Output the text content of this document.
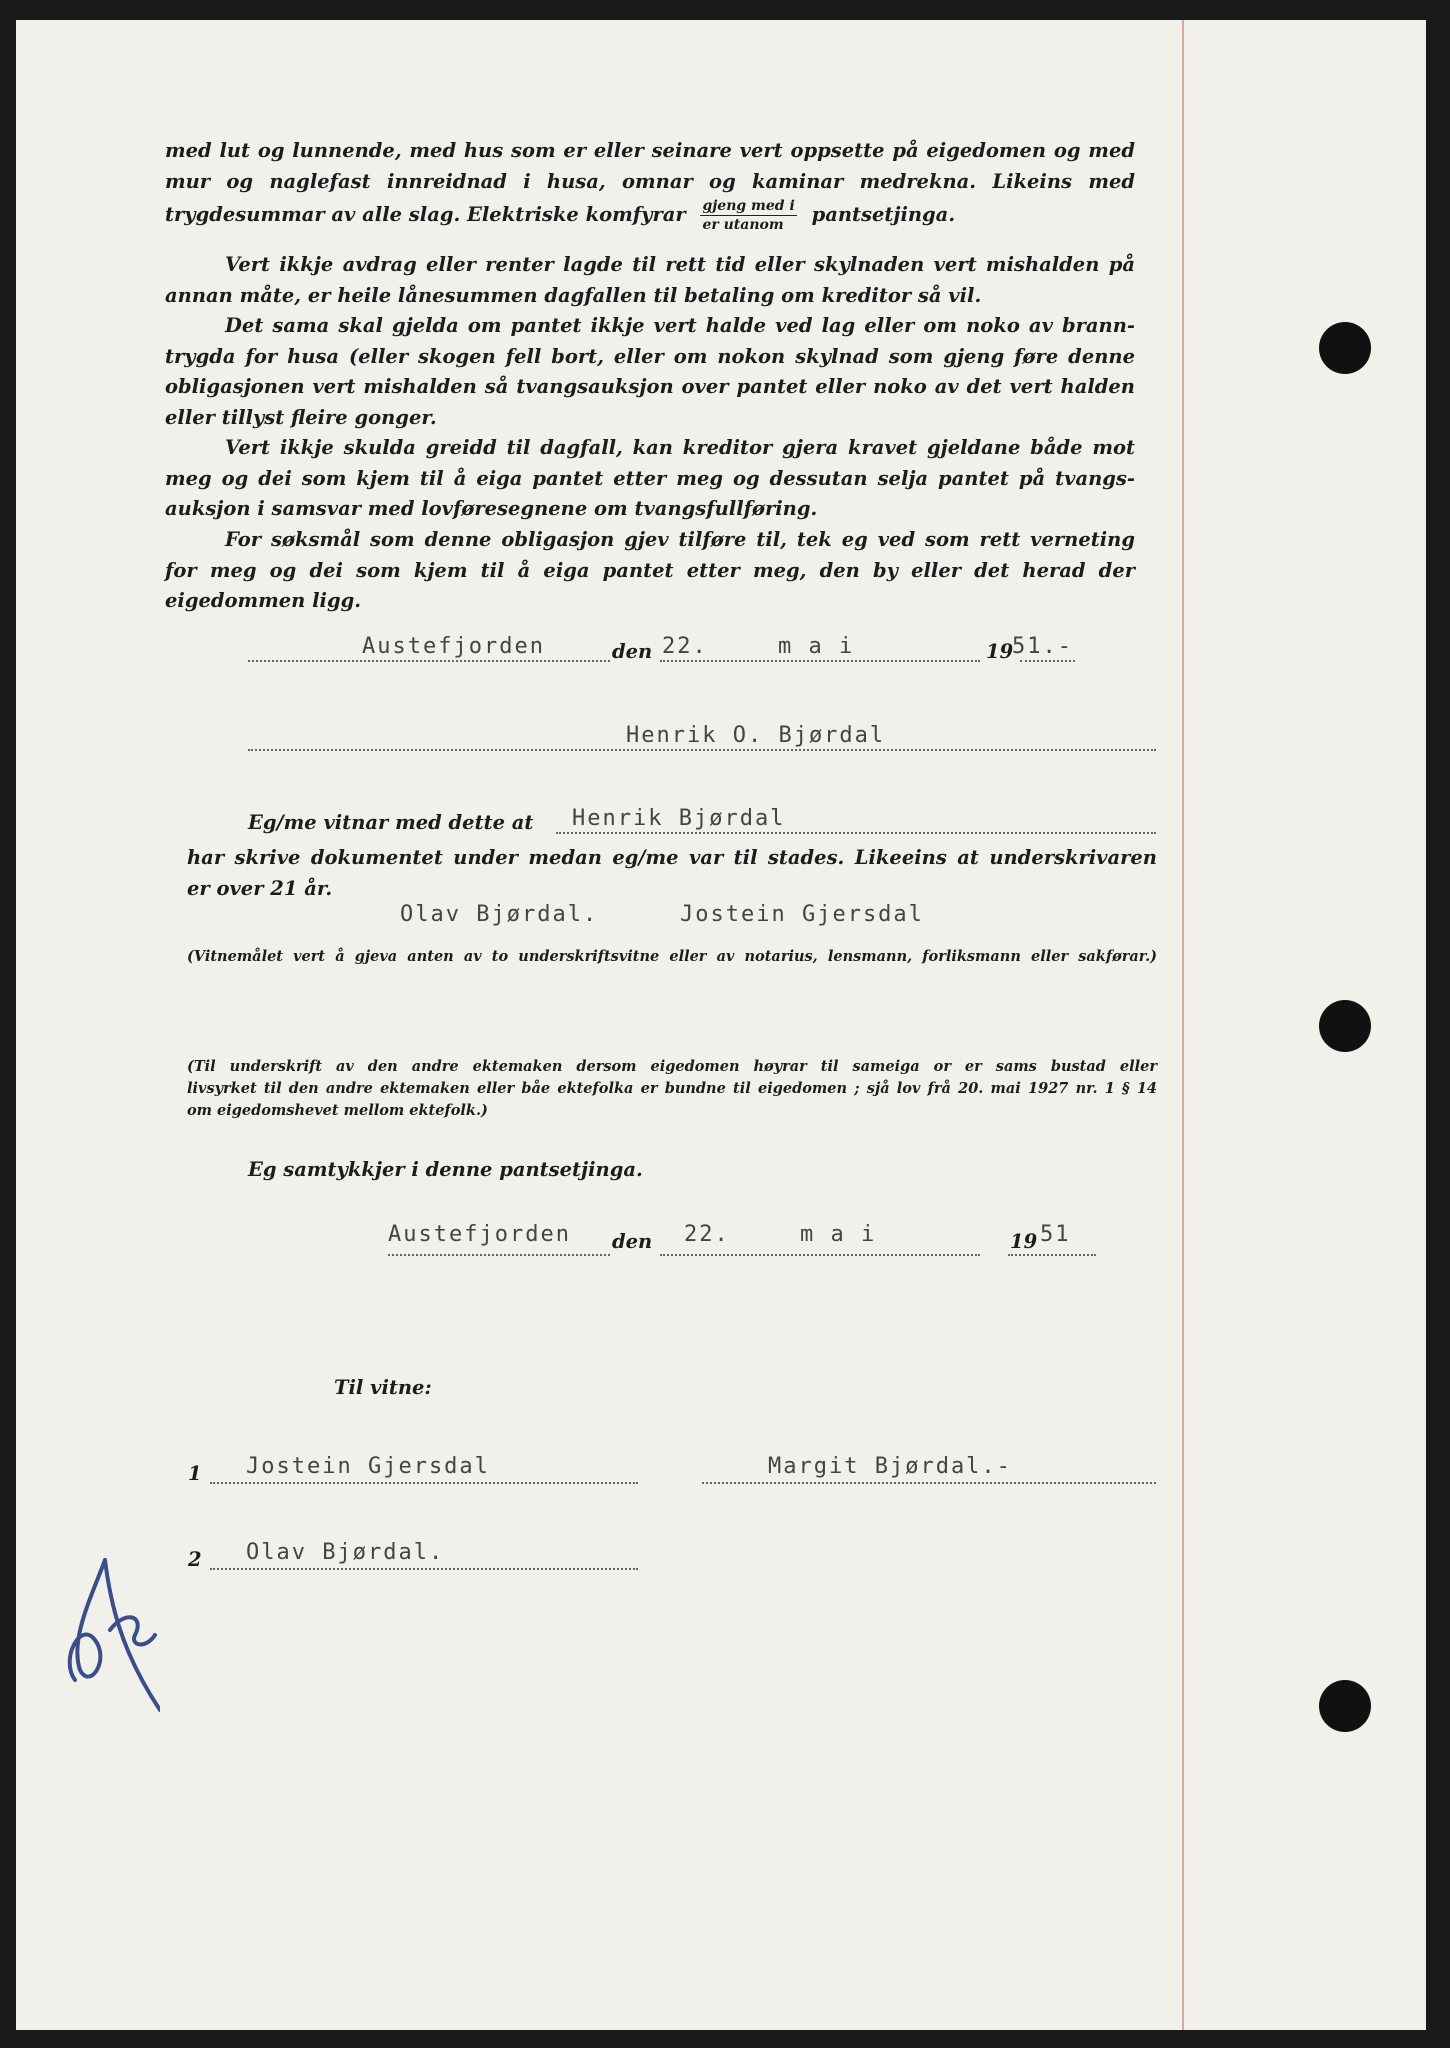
med lut og lunnende, med hus som er eller seinare vert oppsette på eigedomen og med
mur og naglefast innreidnad i husa, omnar og kaminar medrekna. Likeins med
trygdesummar av alle slag. Elektriske komfyrar $\frac{\text{gjeng med i}}{\text{er utanom}}$ pantsetjinga.
Vert ikkje avdrag eller renter lagde til rett tid eller skylnaden vert mishalden på
annan måte, er heile lånesummen dagfallen til betaling om kreditor så vil.
Det sama skal gjelda om pantet ikkje vert halde ved lag eller om noko av brann-
trygda for husa (eller skogen fell bort, eller om nokon skylnad som gjeng føre denne
obligasjonen vert mishalden så tvangsauksjon over pantet eller noko av det vert halden
eller tillyst fleire gonger.
Vert ikkje skulda greidd til dagfall, kan kreditor gjera kravet gjeldane både mot
meg og dei som kjem til å eiga pantet etter meg og dessutan selja pantet på tvangs-
auksjon i samsvar med lovføresegnene om tvangsfullføring.
For søksmål som denne obligasjon gjev tilføre til, tek eg ved som rett verneting
for meg og dei som kjem til å eiga pantet etter meg, den by eller det herad der
eigedommen ligg.
Austefjorden	den 22.	m a i	19
51.-
Henrik O. Bjørdal
Eg/me vitnar med dette at Henrik Bjørdal
har skrive dokumentet under medan eg/me var til stades. Likeeins at underskrivaren
er over 21 år.
Olav Bjørdal.	Jostein Gjersdal
(Vitnemålet vert å gjeva anten av to underskriftsvitne eller av notarius, lensmann, forliksmann eller sakførar.)
(Til underskrift av den andre ektemaken dersom eigedomen høyrar til sameiga or er sams bustad eller
livsyrket til den andre ektemaken eller båe ektefolka er bundne til eigedomen ; sjå lov frå 20. mai 1927 nr. 1 § 14
om eigedomshevet mellom ektefolk.)
Eg samtykkjer i denne pantsetjinga.
Austefjorden den 22.	m a i	19 51
Til vitne:
1 Jostein Gjersdal
2 Olav Bjørdal.
Margit Bjørdal.-
